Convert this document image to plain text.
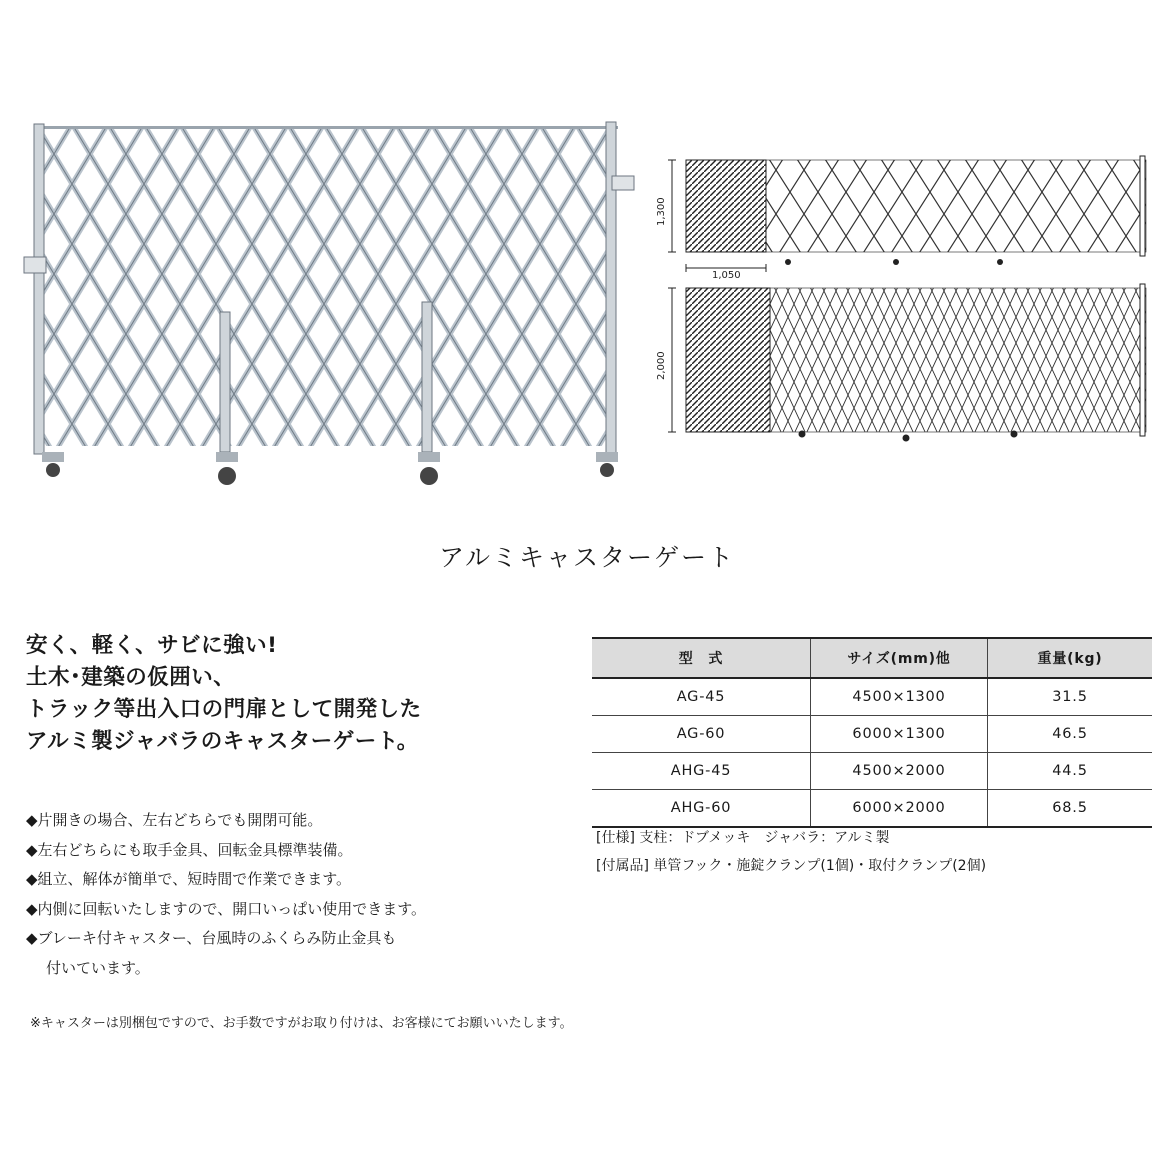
1,300
1,050
2,000
アルミキャスターゲート
安く、軽く、サビに強い!
土木･建築の仮囲い、
トラック等出入口の門扉として開発した
アルミ製ジャバラのキャスターゲート。
◆片開きの場合、左右どちらでも開閉可能。
◆左右どちらにも取手金具、回転金具標準装備。
◆組立、解体が簡単で、短時間で作業できます。
◆内側に回転いたしますので、開口いっぱい使用できます。
◆ブレーキ付キャスター、台風時のふくらみ防止金具も
付いています。
※キャスターは別梱包ですので、お手数ですがお取り付けは、お客様にてお願いいたします。
型　式	サイズ(mm)他	重量(kg)
AG-45	4500×1300	31.5
AG-60	6000×1300	46.5
AHG-45	4500×2000	44.5
AHG-60	6000×2000	68.5
[仕様] 支柱：ドブメッキ　ジャバラ：アルミ製
[付属品] 単管フック・施錠クランプ(1個)・取付クランプ(2個)
